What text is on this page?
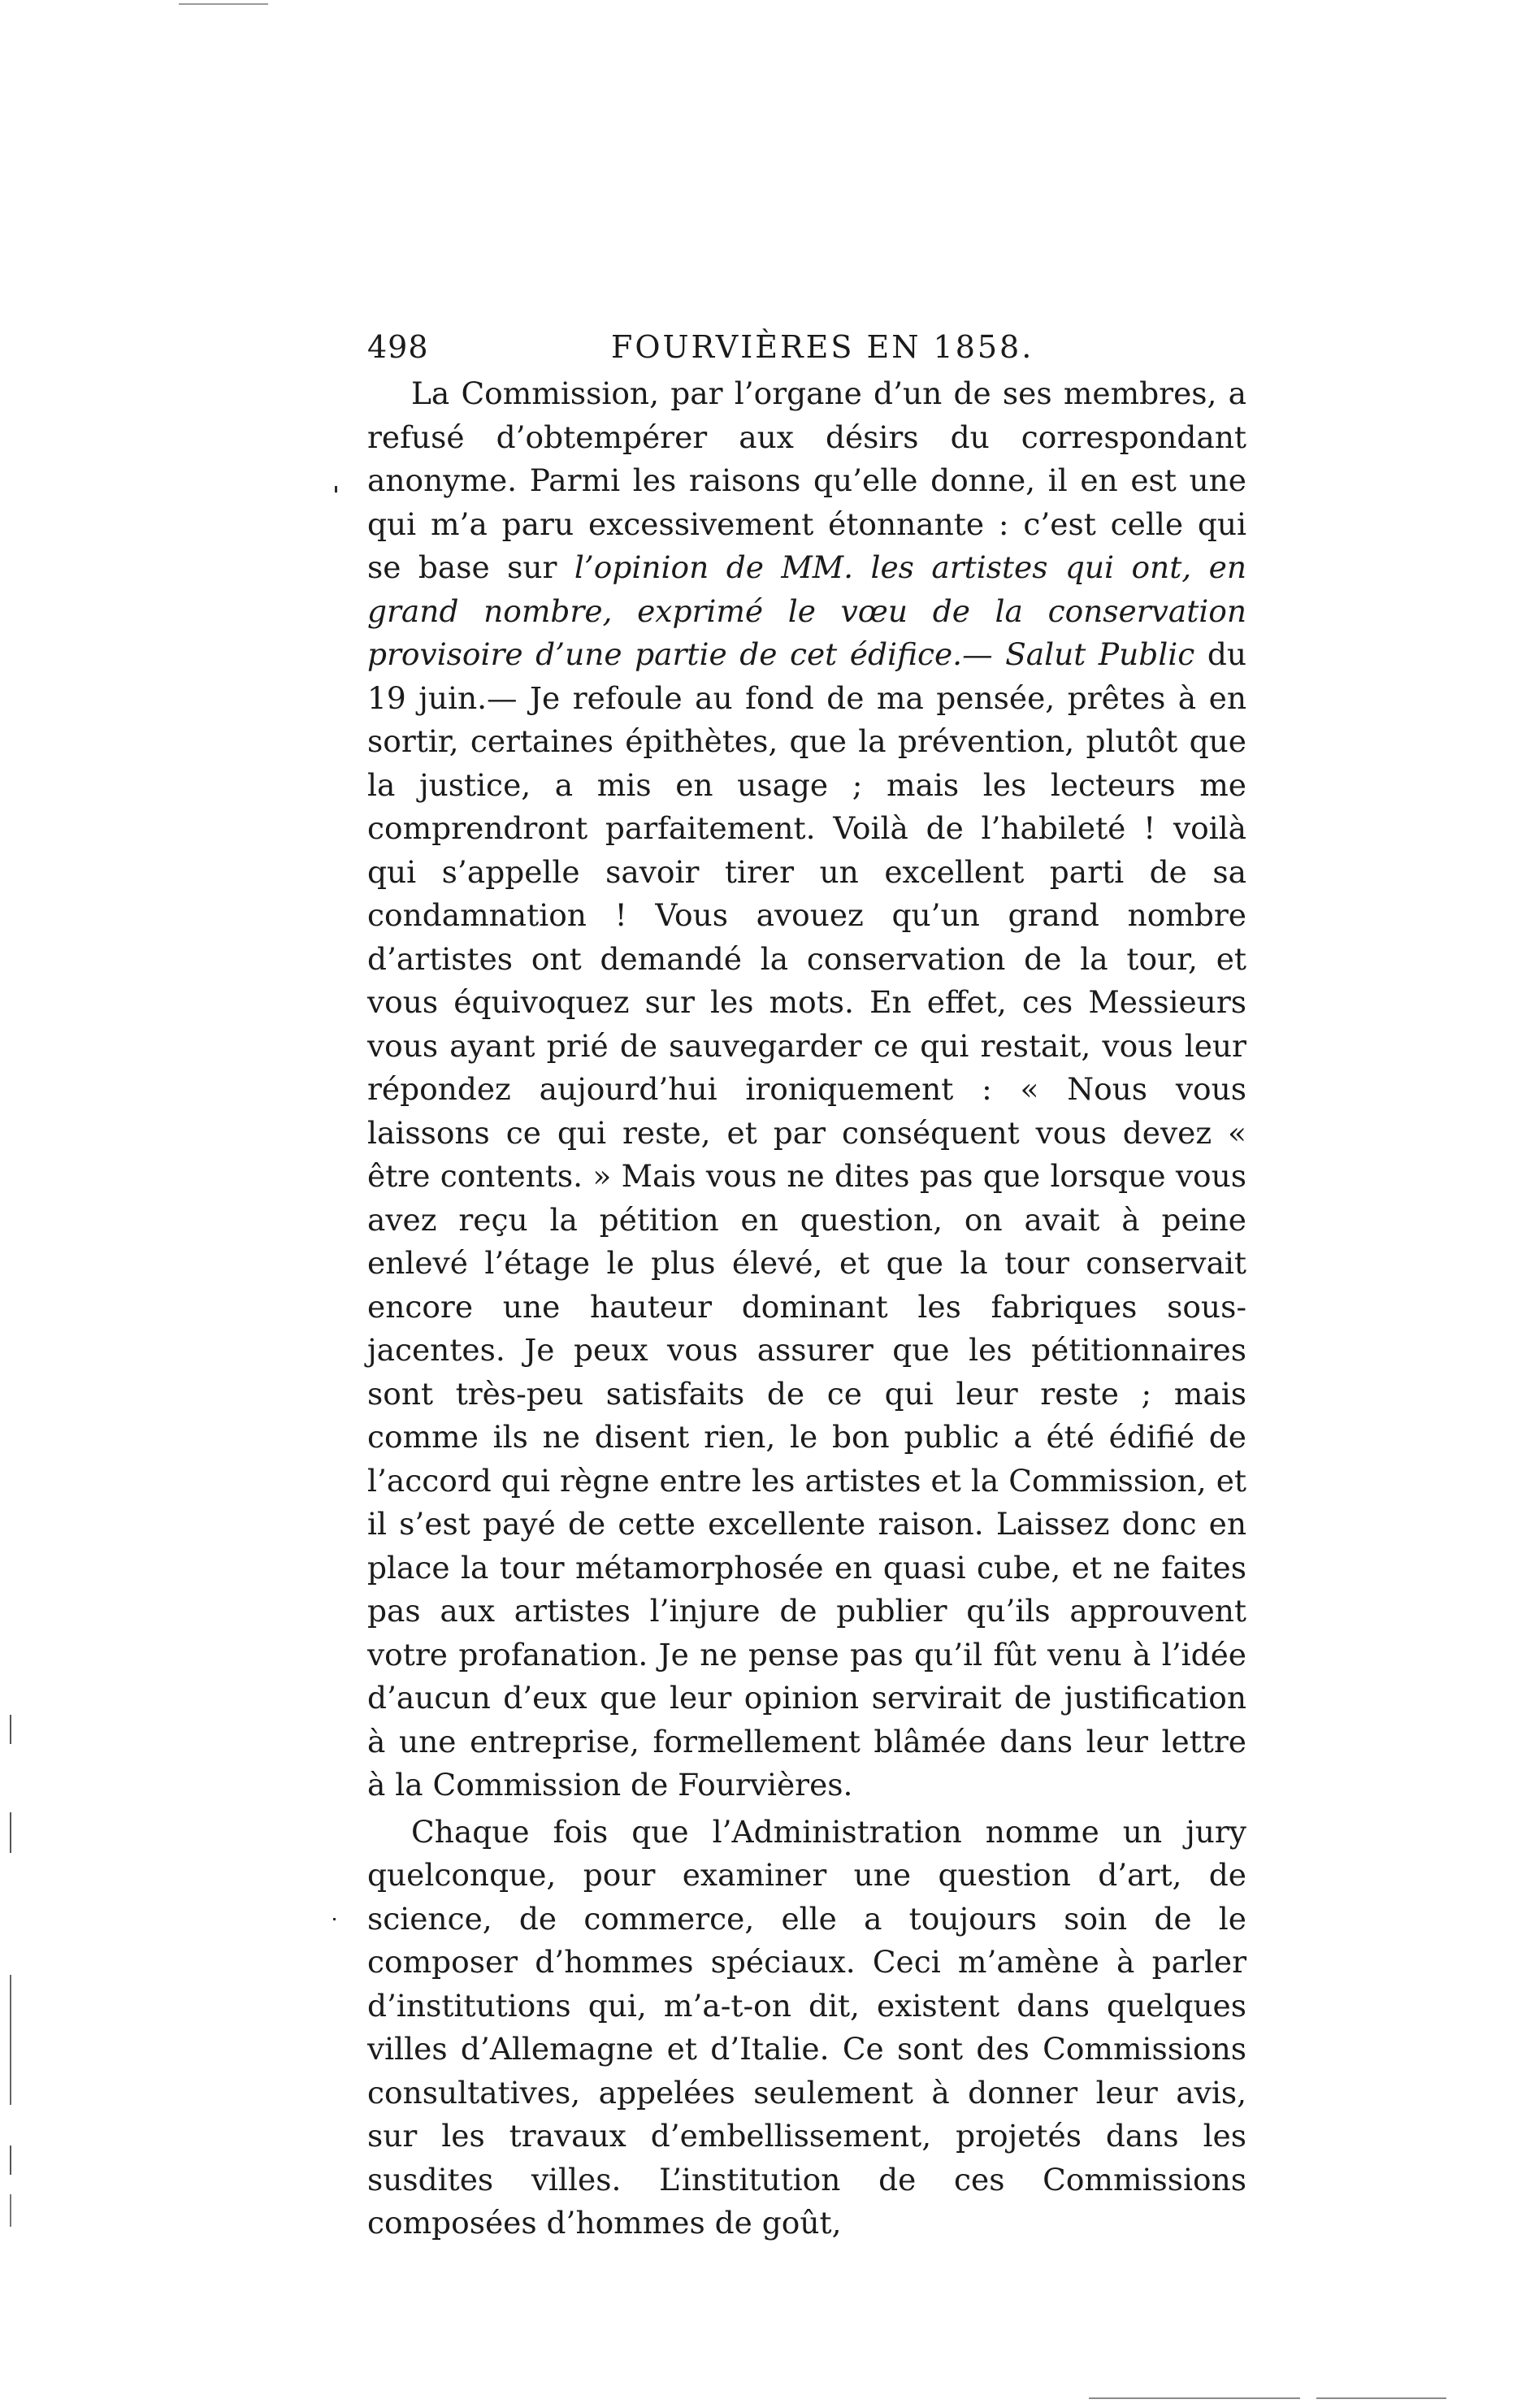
498	FOURVIÈRES EN 1858.

La Commission, par l’organe d’un de ses membres, a refusé d’obtempérer aux désirs du correspondant anonyme. Parmi les raisons qu’elle donne, il en est une qui m’a paru excessivement étonnante : c’est celle qui se base sur l’opinion de MM. les artistes qui ont, en grand nombre, exprimé le vœu de la conservation provisoire d’une partie de cet édifice.— Salut Public du 19 juin.— Je refoule au fond de ma pensée, prêtes à en sortir, certaines épithètes, que la prévention, plutôt que la justice, a mis en usage ; mais les lecteurs me comprendront parfaitement. Voilà de l’habileté ! voilà qui s’appelle savoir tirer un excellent parti de sa condamnation ! Vous avouez qu’un grand nombre d’artistes ont demandé la conservation de la tour, et vous équivoquez sur les mots. En effet, ces Messieurs vous ayant prié de sauvegarder ce qui restait, vous leur répondez aujourd’hui ironiquement : « Nous vous laissons ce qui reste, et par conséquent vous devez « être contents. » Mais vous ne dites pas que lorsque vous avez reçu la pétition en question, on avait à peine enlevé l’étage le plus élevé, et que la tour conservait encore une hauteur dominant les fabriques sous-jacentes. Je peux vous assurer que les pétitionnaires sont très-peu satisfaits de ce qui leur reste ; mais comme ils ne disent rien, le bon public a été édifié de l’accord qui règne entre les artistes et la Commission, et il s’est payé de cette excellente raison. Laissez donc en place la tour métamorphosée en quasi cube, et ne faites pas aux artistes l’injure de publier qu’ils approuvent votre profanation. Je ne pense pas qu’il fût venu à l’idée d’aucun d’eux que leur opinion servirait de justification à une entreprise, formellement blâmée dans leur lettre à la Commission de Fourvières.

Chaque fois que l’Administration nomme un jury quelconque, pour examiner une question d’art, de science, de commerce, elle a toujours soin de le composer d’hommes spéciaux. Ceci m’amène à parler d’institutions qui, m’a-t-on dit, existent dans quelques villes d’Allemagne et d’Italie. Ce sont des Commissions consultatives, appelées seulement à donner leur avis, sur les travaux d’embellissement, projetés dans les susdites villes. L’institution de ces Commissions composées d’hommes de goût,
